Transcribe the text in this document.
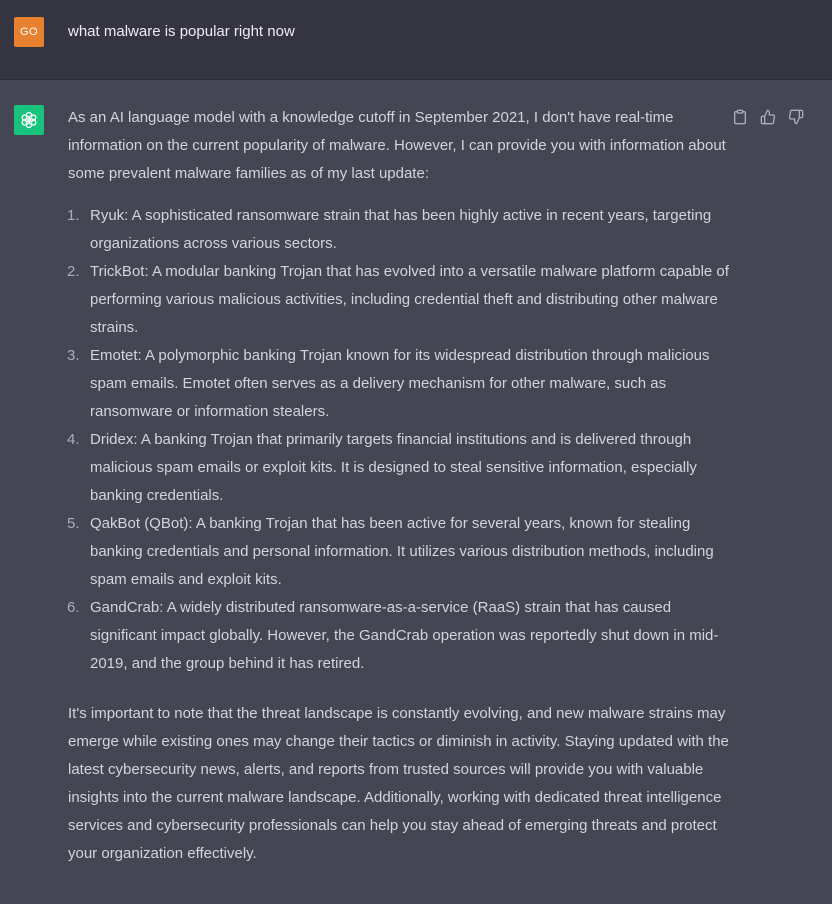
GO	what malware is popular right now

As an AI language model with a knowledge cutoff in September 2021, I don't have real-time information on the current popularity of malware. However, I can provide you with information about some prevalent malware families as of my last update:

1. Ryuk: A sophisticated ransomware strain that has been highly active in recent years, targeting organizations across various sectors.
2. TrickBot: A modular banking Trojan that has evolved into a versatile malware platform capable of performing various malicious activities, including credential theft and distributing other malware strains.
3. Emotet: A polymorphic banking Trojan known for its widespread distribution through malicious spam emails. Emotet often serves as a delivery mechanism for other malware, such as ransomware or information stealers.
4. Dridex: A banking Trojan that primarily targets financial institutions and is delivered through malicious spam emails or exploit kits. It is designed to steal sensitive information, especially banking credentials.
5. QakBot (QBot): A banking Trojan that has been active for several years, known for stealing banking credentials and personal information. It utilizes various distribution methods, including spam emails and exploit kits.
6. GandCrab: A widely distributed ransomware-as-a-service (RaaS) strain that has caused significant impact globally. However, the GandCrab operation was reportedly shut down in mid-2019, and the group behind it has retired.

It's important to note that the threat landscape is constantly evolving, and new malware strains may emerge while existing ones may change their tactics or diminish in activity. Staying updated with the latest cybersecurity news, alerts, and reports from trusted sources will provide you with valuable insights into the current malware landscape. Additionally, working with dedicated threat intelligence services and cybersecurity professionals can help you stay ahead of emerging threats and protect your organization effectively.
